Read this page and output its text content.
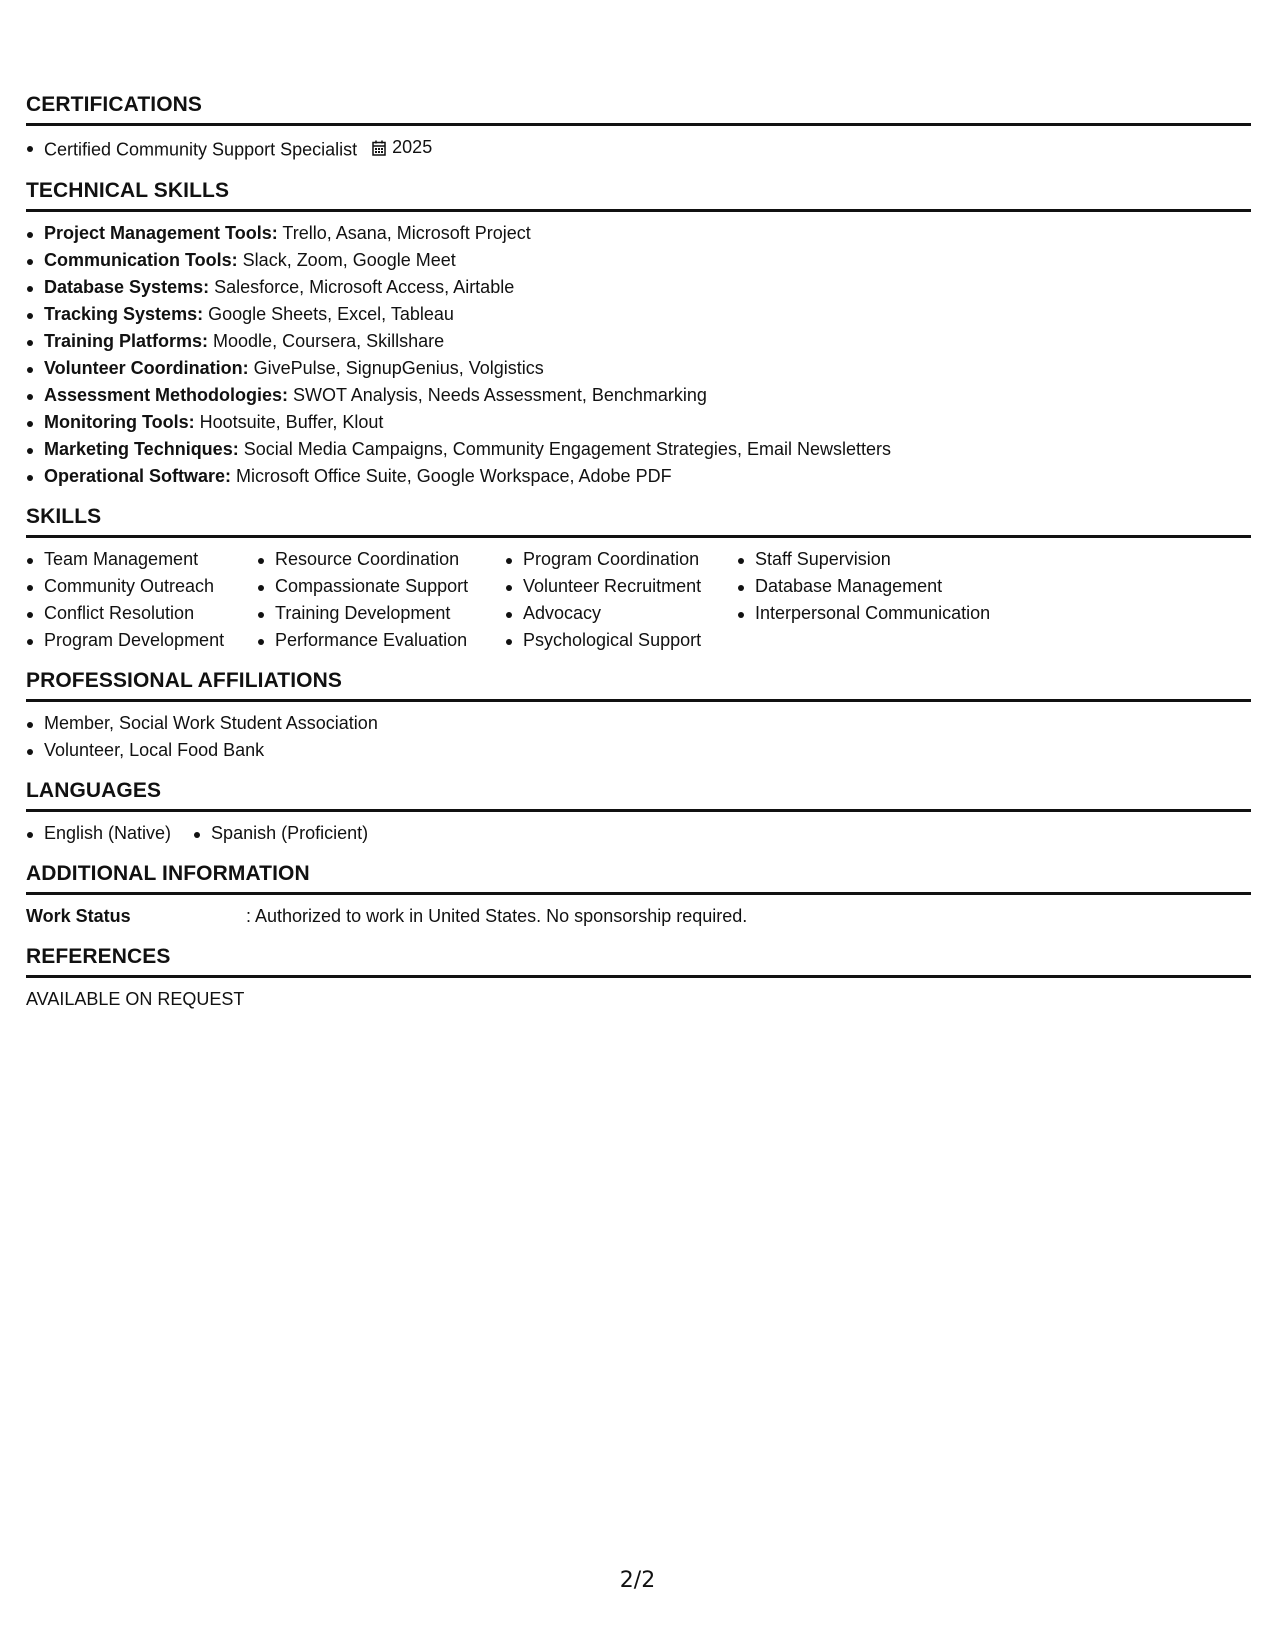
CERTIFICATIONS
Certified Community Support Specialist 2025
TECHNICAL SKILLS
Project Management Tools: Trello, Asana, Microsoft Project
Communication Tools: Slack, Zoom, Google Meet
Database Systems: Salesforce, Microsoft Access, Airtable
Tracking Systems: Google Sheets, Excel, Tableau
Training Platforms: Moodle, Coursera, Skillshare
Volunteer Coordination: GivePulse, SignupGenius, Volgistics
Assessment Methodologies: SWOT Analysis, Needs Assessment, Benchmarking
Monitoring Tools: Hootsuite, Buffer, Klout
Marketing Techniques: Social Media Campaigns, Community Engagement Strategies, Email Newsletters
Operational Software: Microsoft Office Suite, Google Workspace, Adobe PDF
SKILLS
Team Management
Community Outreach
Conflict Resolution
Program Development
Resource Coordination
Compassionate Support
Training Development
Performance Evaluation
Program Coordination
Volunteer Recruitment
Advocacy
Psychological Support
Staff Supervision
Database Management
Interpersonal Communication
PROFESSIONAL AFFILIATIONS
Member, Social Work Student Association
Volunteer, Local Food Bank
LANGUAGES
English (Native)	Spanish (Proficient)
ADDITIONAL INFORMATION
Work Status	: Authorized to work in United States. No sponsorship required.
REFERENCES
AVAILABLE ON REQUEST
2/2
